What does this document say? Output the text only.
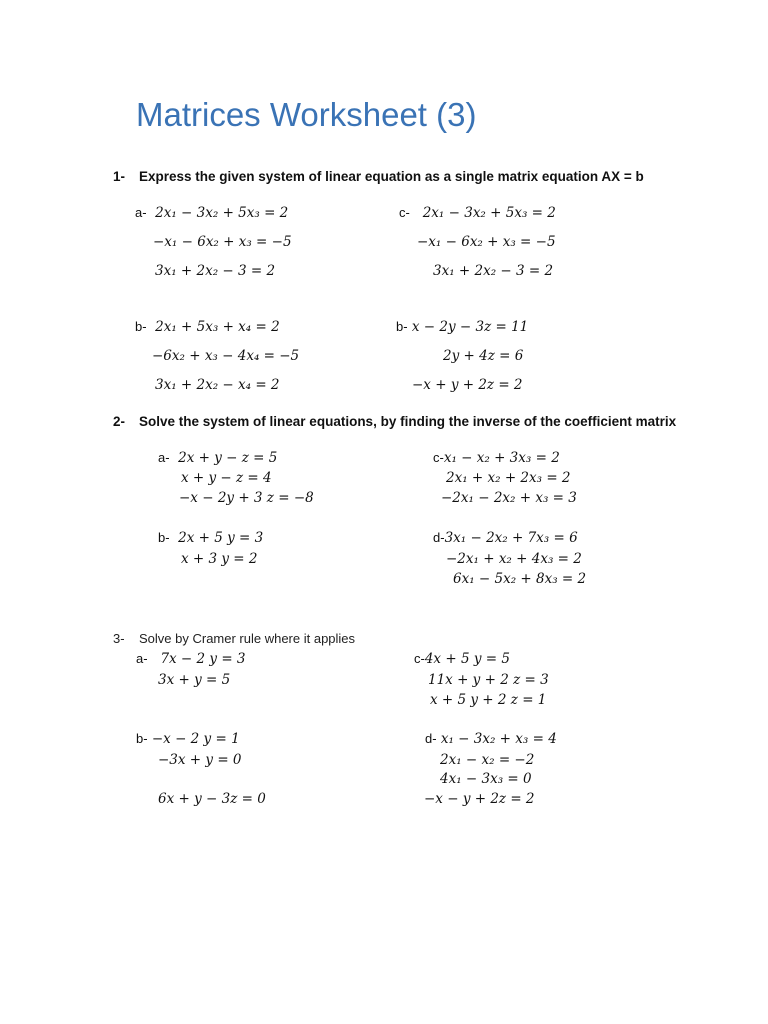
Matrices Worksheet (3)
1- Express the given system of linear equation as a single matrix equation AX = b
a- 2x₁ − 3x₂ + 5x₃ = 2
−x₁ − 6x₂ + x₃ = −5
3x₁ + 2x₂ − 3 = 2
c- 2x₁ − 3x₂ + 5x₃ = 2
−x₁ − 6x₂ + x₃ = −5
3x₁ + 2x₂ − 3 = 2
b- 2x₁ + 5x₃ + x₄ = 2
−6x₂ + x₃ − 4x₄ = −5
3x₁ + 2x₂ − x₄ = 2
b- x − 2y − 3z = 11
2y + 4z = 6
−x + y + 2z = 2
2- Solve the system of linear equations, by finding the inverse of the coefficient matrix
a- 2x + y − z = 5
x + y − z = 4
−x − 2y + 3 z = −8
c-x₁ − x₂ + 3x₃ = 2
2x₁ + x₂ + 2x₃ = 2
−2x₁ − 2x₂ + x₃ = 3
b- 2x + 5 y = 3
x + 3 y = 2
d-3x₁ − 2x₂ + 7x₃ = 6
−2x₁ + x₂ + 4x₃ = 2
6x₁ − 5x₂ + 8x₃ = 2
3- Solve by Cramer rule where it applies
a- 7x − 2 y = 3
3x + y = 5
c-4x + 5 y = 5
11x + y + 2 z = 3
x + 5 y + 2 z = 1
b- −x − 2 y = 1
−3x + y = 0
6x + y − 3z = 0
d- x₁ − 3x₂ + x₃ = 4
2x₁ − x₂ = −2
4x₁ − 3x₃ = 0
−x − y + 2z = 2
